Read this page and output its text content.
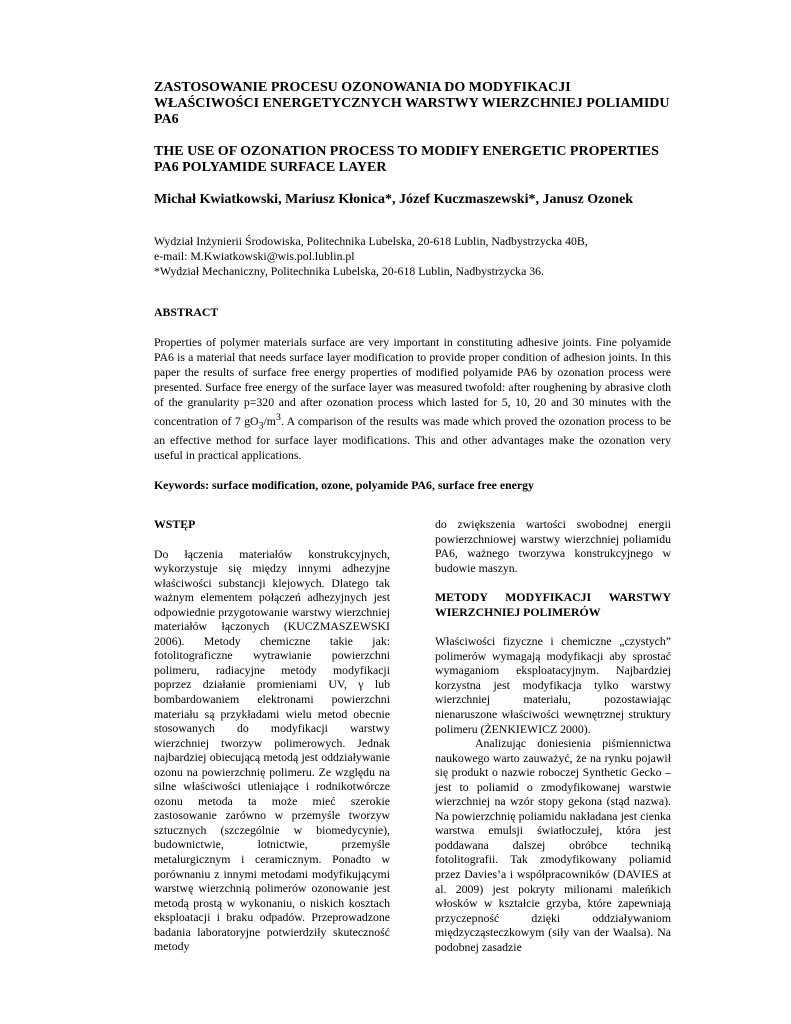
ZASTOSOWANIE PROCESU OZONOWANIA DO MODYFIKACJI WŁAŚCIWOŚCI ENERGETYCZNYCH WARSTWY WIERZCHNIEJ POLIAMIDU PA6

THE USE OF OZONATION PROCESS TO MODIFY ENERGETIC PROPERTIES PA6 POLYAMIDE SURFACE LAYER

Michał Kwiatkowski, Mariusz Kłonica*, Józef Kuczmaszewski*, Janusz Ozonek
Wydział Inżynierii Środowiska, Politechnika Lubelska, 20-618 Lublin, Nadbystrzycka 40B,
e-mail: M.Kwiatkowski@wis.pol.lublin.pl
*Wydział Mechaniczny, Politechnika Lubelska, 20-618 Lublin, Nadbystrzycka 36.
ABSTRACT
Properties of polymer materials surface are very important in constituting adhesive joints. Fine polyamide PA6 is a material that needs surface layer modification to provide proper condition of adhesion joints. In this paper the results of surface free energy properties of modified polyamide PA6 by ozonation process were presented. Surface free energy of the surface layer was measured twofold: after roughening by abrasive cloth of the granularity p=320 and after ozonation process which lasted for 5, 10, 20 and 30 minutes with the concentration of 7 $gO_3/m^3$. A comparison of the results was made which proved the ozonation process to be an effective method for surface layer modifications. This and other advantages make the ozonation very useful in practical applications.
Keywords: surface modification, ozone, polyamide PA6, surface free energy

WSTĘP

Do łączenia materiałów konstrukcyjnych, wykorzystuje się między innymi adhezyjne właściwości substancji klejowych. Dlatego tak ważnym elementem połączeń adhezyjnych jest odpowiednie przygotowanie warstwy wierzchniej materiałów łączonych (KUCZMASZEWSKI 2006). Metody chemiczne takie jak: fotolitograficzne wytrawianie powierzchni polimeru, radiacyjne metody modyfikacji poprzez działanie promieniami UV, γ lub bombardowaniem elektronami powierzchni materiału są przykładami wielu metod obecnie stosowanych do modyfikacji warstwy wierzchniej tworzyw polimerowych. Jednak najbardziej obiecującą metodą jest oddziaływanie ozonu na powierzchnię polimeru. Ze względu na silne właściwości utleniające i rodnikotwórcze ozonu metoda ta może mieć szerokie zastosowanie zarówno w przemyśle tworzyw sztucznych (szczególnie w biomedycynie), budownictwie, lotnictwie, przemyśle metalurgicznym i ceramicznym. Ponadto w porównaniu z innymi metodami modyfikującymi warstwę wierzchnią polimerów ozonowanie jest metodą prostą w wykonaniu, o niskich kosztach eksploatacji i braku odpadów. Przeprowadzone badania laboratoryjne potwierdziły skuteczność metody

do zwiększenia wartości swobodnej energii powierzchniowej warstwy wierzchniej poliamidu PA6, ważnego tworzywa konstrukcyjnego w budowie maszyn.

METODY MODYFIKACJI WARSTWY WIERZCHNIEJ POLIMERÓW

Właściwości fizyczne i chemiczne „czystych” polimerów wymagają modyfikacji aby sprostać wymaganiom eksploatacyjnym. Najbardziej korzystna jest modyfikacja tylko warstwy wierzchniej materiału, pozostawiając nienaruszone właściwości wewnętrznej struktury polimeru (ŻENKIEWICZ 2000).

Analizując doniesienia piśmiennictwa naukowego warto zauważyć, że na rynku pojawił się produkt o nazwie roboczej Synthetic Gecko – jest to poliamid o zmodyfikowanej warstwie wierzchniej na wzór stopy gekona (stąd nazwa). Na powierzchnię poliamidu nakładana jest cienka warstwa emulsji światłoczułej, która jest poddawana dalszej obróbce techniką fotolitografii. Tak zmodyfikowany poliamid przez Davies’a i współpracowników (DAVIES at al. 2009) jest pokryty milionami maleńkich włosków w kształcie grzyba, które zapewniają przyczepność dzięki oddziaływaniom międzycząsteczkowym (siły van der Waalsa). Na podobnej zasadzie
